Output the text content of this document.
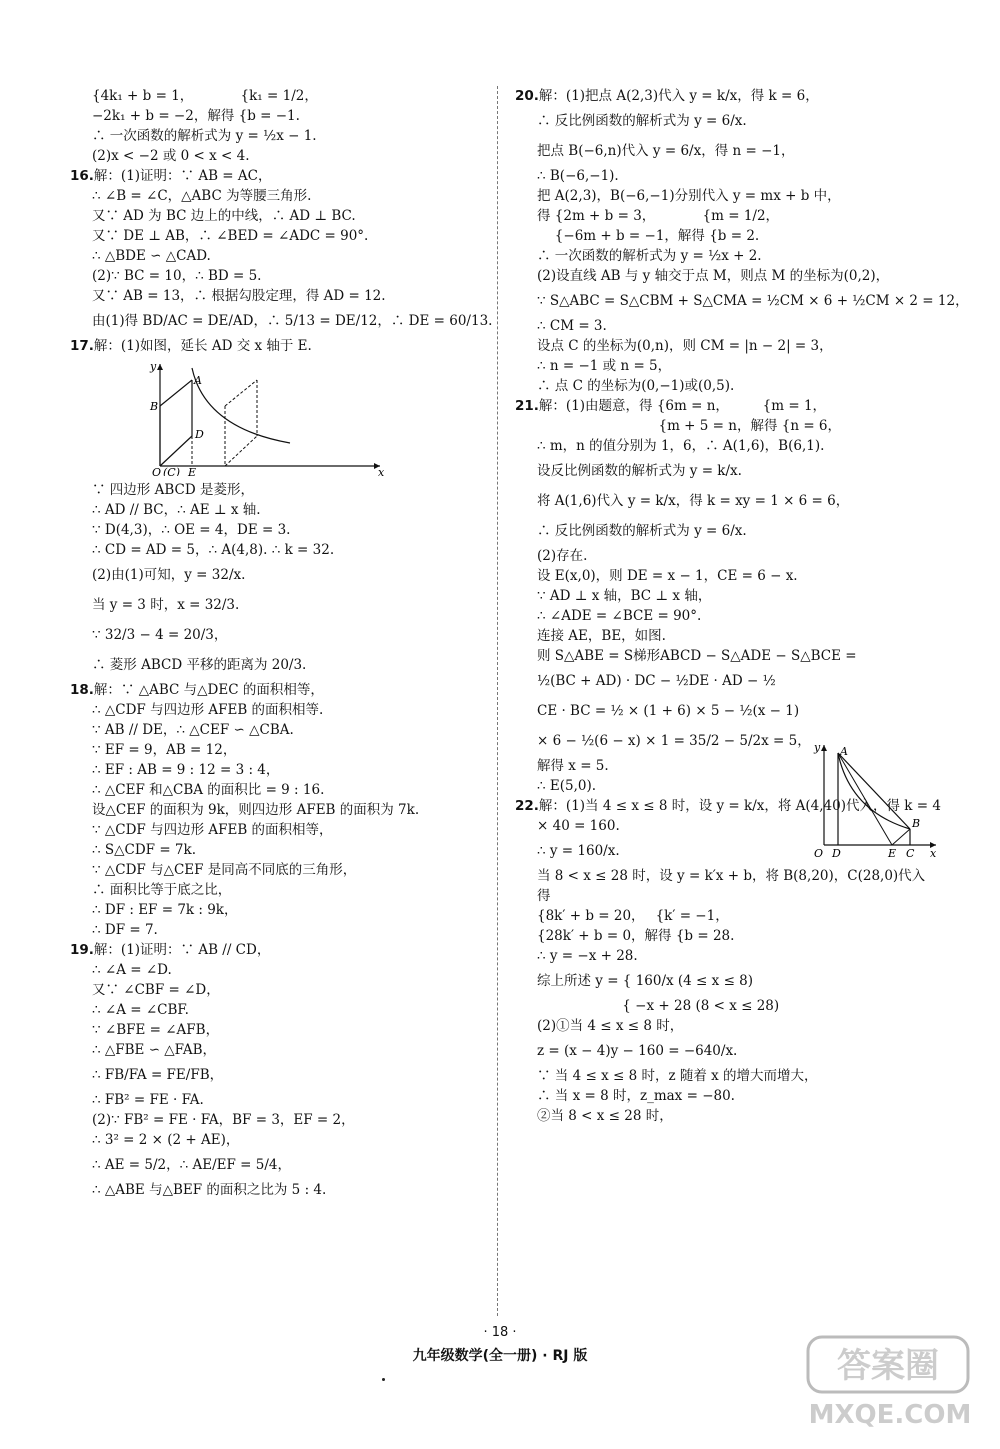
{4k₁ + b = 1，　　　　{k₁ = 1/2，
−2k₁ + b = −2，解得 {b = −1.
∴ 一次函数的解析式为 y = ½x − 1.
(2)x < −2 或 0 < x < 4.
16.解：(1)证明：∵ AB = AC，
∴ ∠B = ∠C，△ABC 为等腰三角形.
又∵ AD 为 BC 边上的中线，∴ AD ⊥ BC.
又∵ DE ⊥ AB，∴ ∠BED = ∠ADC = 90°.
∴ △BDE ∽ △CAD.
(2)∵ BC = 10，∴ BD = 5.
又∵ AB = 13，∴ 根据勾股定理，得 AD = 12.
由(1)得 BD/AC = DE/AD，∴ 5/13 = DE/12，∴ DE = 60/13.
17.解：(1)如图，延长 AD 交 x 轴于 E.
y
x
A
B
D
O (C) E
∵ 四边形 ABCD 是菱形，
∴ AD // BC，∴ AE ⊥ x 轴.
∵ D(4,3)，∴ OE = 4，DE = 3.
∴ CD = AD = 5，∴ A(4,8). ∴ k = 32.
(2)由(1)可知，y = 32/x.
当 y = 3 时，x = 32/3.
∵ 32/3 − 4 = 20/3，
∴ 菱形 ABCD 平移的距离为 20/3.
18.解：∵ △ABC 与△DEC 的面积相等，
∴ △CDF 与四边形 AFEB 的面积相等.
∵ AB // DE，∴ △CEF ∽ △CBA.
∵ EF = 9，AB = 12，
∴ EF : AB = 9 : 12 = 3 : 4，
∴ △CEF 和△CBA 的面积比 = 9 : 16.
设△CEF 的面积为 9k，则四边形 AFEB 的面积为 7k.
∵ △CDF 与四边形 AFEB 的面积相等，
∴ S△CDF = 7k.
∵ △CDF 与△CEF 是同高不同底的三角形，
∴ 面积比等于底之比，
∴ DF : EF = 7k : 9k，
∴ DF = 7.
19.解：(1)证明：∵ AB // CD，
∴ ∠A = ∠D.
又∵ ∠CBF = ∠D，
∴ ∠A = ∠CBF.
∵ ∠BFE = ∠AFB，
∴ △FBE ∽ △FAB，
∴ FB/FA = FE/FB，
∴ FB² = FE · FA.
(2)∵ FB² = FE · FA，BF = 3，EF = 2，
∴ 3² = 2 × (2 + AE)，
∴ AE = 5/2，∴ AE/EF = 5/4，
∴ △ABE 与△BEF 的面积之比为 5 : 4.
20.解：(1)把点 A(2,3)代入 y = k/x，得 k = 6，
∴ 反比例函数的解析式为 y = 6/x.
把点 B(−6,n)代入 y = 6/x，得 n = −1，
∴ B(−6,−1).
把 A(2,3)，B(−6,−1)分别代入 y = mx + b 中，
得 {2m + b = 3，　　　　{m = 1/2，
　 {−6m + b = −1，解得 {b = 2.
∴ 一次函数的解析式为 y = ½x + 2.
(2)设直线 AB 与 y 轴交于点 M，则点 M 的坐标为(0,2)，
∵ S△ABC = S△CBM + S△CMA = ½CM × 6 + ½CM × 2 = 12，
∴ CM = 3.
设点 C 的坐标为(0,n)，则 CM = |n − 2| = 3，
∴ n = −1 或 n = 5，
∴ 点 C 的坐标为(0,−1)或(0,5).
21.解：(1)由题意，得 {6m = n，　　　{m = 1，
　　　　　　　　　{m + 5 = n，解得 {n = 6，
∴ m，n 的值分别为 1，6，∴ A(1,6)，B(6,1).
设反比例函数的解析式为 y = k/x.
将 A(1,6)代入 y = k/x，得 k = xy = 1 × 6 = 6，
∴ 反比例函数的解析式为 y = 6/x.
(2)存在.
设 E(x,0)，则 DE = x − 1，CE = 6 − x.
∵ AD ⊥ x 轴，BC ⊥ x 轴，
∴ ∠ADE = ∠BCE = 90°.
连接 AE，BE，如图.
则 S△ABE = S梯形ABCD − S△ADE − S△BCE =
½(BC + AD) · DC − ½DE · AD − ½
CE · BC = ½ × (1 + 6) × 5 − ½(x − 1)
× 6 − ½(6 − x) × 1 = 35/2 − 5/2x = 5，
解得 x = 5.
∴ E(5,0).
22.解：(1)当 4 ≤ x ≤ 8 时，设 y = k/x，将 A(4,40)代入，得 k = 4
× 40 = 160.
∴ y = 160/x.
当 8 < x ≤ 28 时，设 y = k′x + b，将 B(8,20)，C(28,0)代入
得
{8k′ + b = 20，　 {k′ = −1，
{28k′ + b = 0，解得 {b = 28.
∴ y = −x + 28.
综上所述 y = { 160/x (4 ≤ x ≤ 8)
　　　　　　 { −x + 28 (8 < x ≤ 28)
(2)①当 4 ≤ x ≤ 8 时，
z = (x − 4)y − 160 = −640/x.
∵ 当 4 ≤ x ≤ 8 时，z 随着 x 的增大而增大，
∴ 当 x = 8 时，z_max = −80.
②当 8 < x ≤ 28 时，
y
x
A
B
O D	E C
· 18 ·
九年级数学(全一册) · RJ 版	答案圈
MXQE.COM
